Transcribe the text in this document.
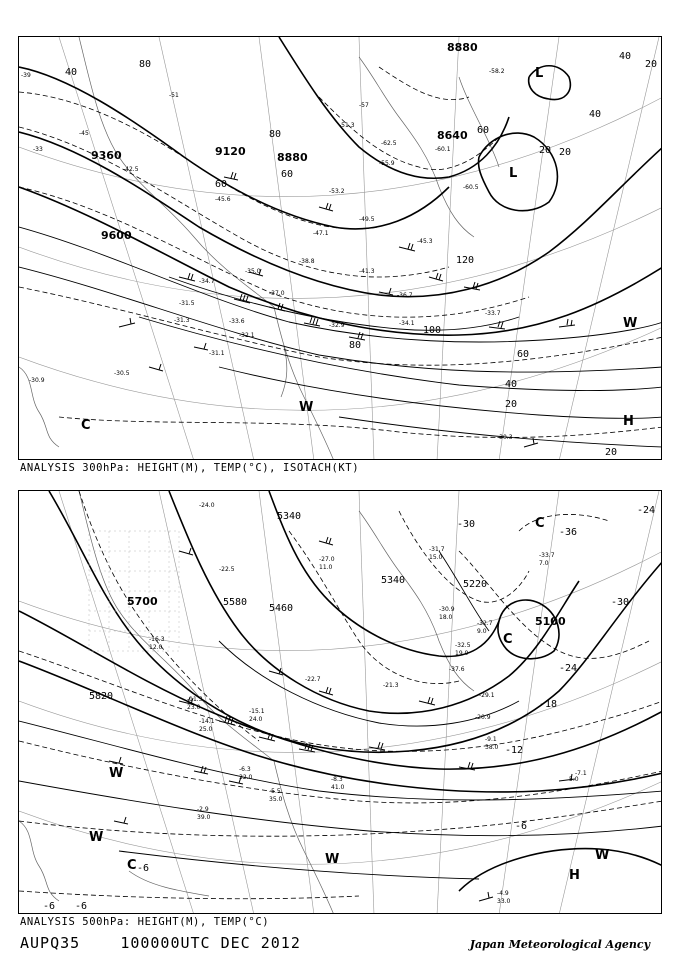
8880
8640
9120
9360
9600
8880
40
60
80
100
120
80
60
40
20
20
80
40
20
40
20 20
60
60
-39
-45
-51
-57
-33
-42.5
-45.6
-51.3
-55.9
-53.2
-49.5
-47.1
-35.0
-34.7
-33.6
-31.5
-32.1
-31.3
-30.5
-31.1
-30.9
-30.3
-33.7
-34.1
-32.9
-36.7
-37.0
-38.8
-41.3
-45.3
-60.1
-58.2
-60.5
-62.5
L
L
C
W
W
H
ANALYSIS 300hPa: HEIGHT(M), TEMP(°C), ISOTACH(KT)
5700	5580
5460
5340
5340	5220
5100
5820
-24
-30
-36
-30
-24
-18
-12
-6
-6
-6 -6
-24.0
-22.5
-27.0
-31.7
-32.7
-30.9
-33.7
-16.3
-15.1
-11.3
-14.1
-9.1
-7.1
-5.5
-6.3
-2.9
-8.3
-4.9
-20.9
-29.1
-37.6
-32.5
-22.7
-21.3
5.0
9.0
7.0
11.0
12.0
15.0
18.0
19.0
23.0
24.0
25.0
32.0
33.0
35.0
38.0
39.0
41.0
C
C
W
W
W	W
H
C
ANALYSIS 500hPa: HEIGHT(M), TEMP(°C)
AUPQ35	100000UTC DEC 2012	Japan Meteorological Agency
